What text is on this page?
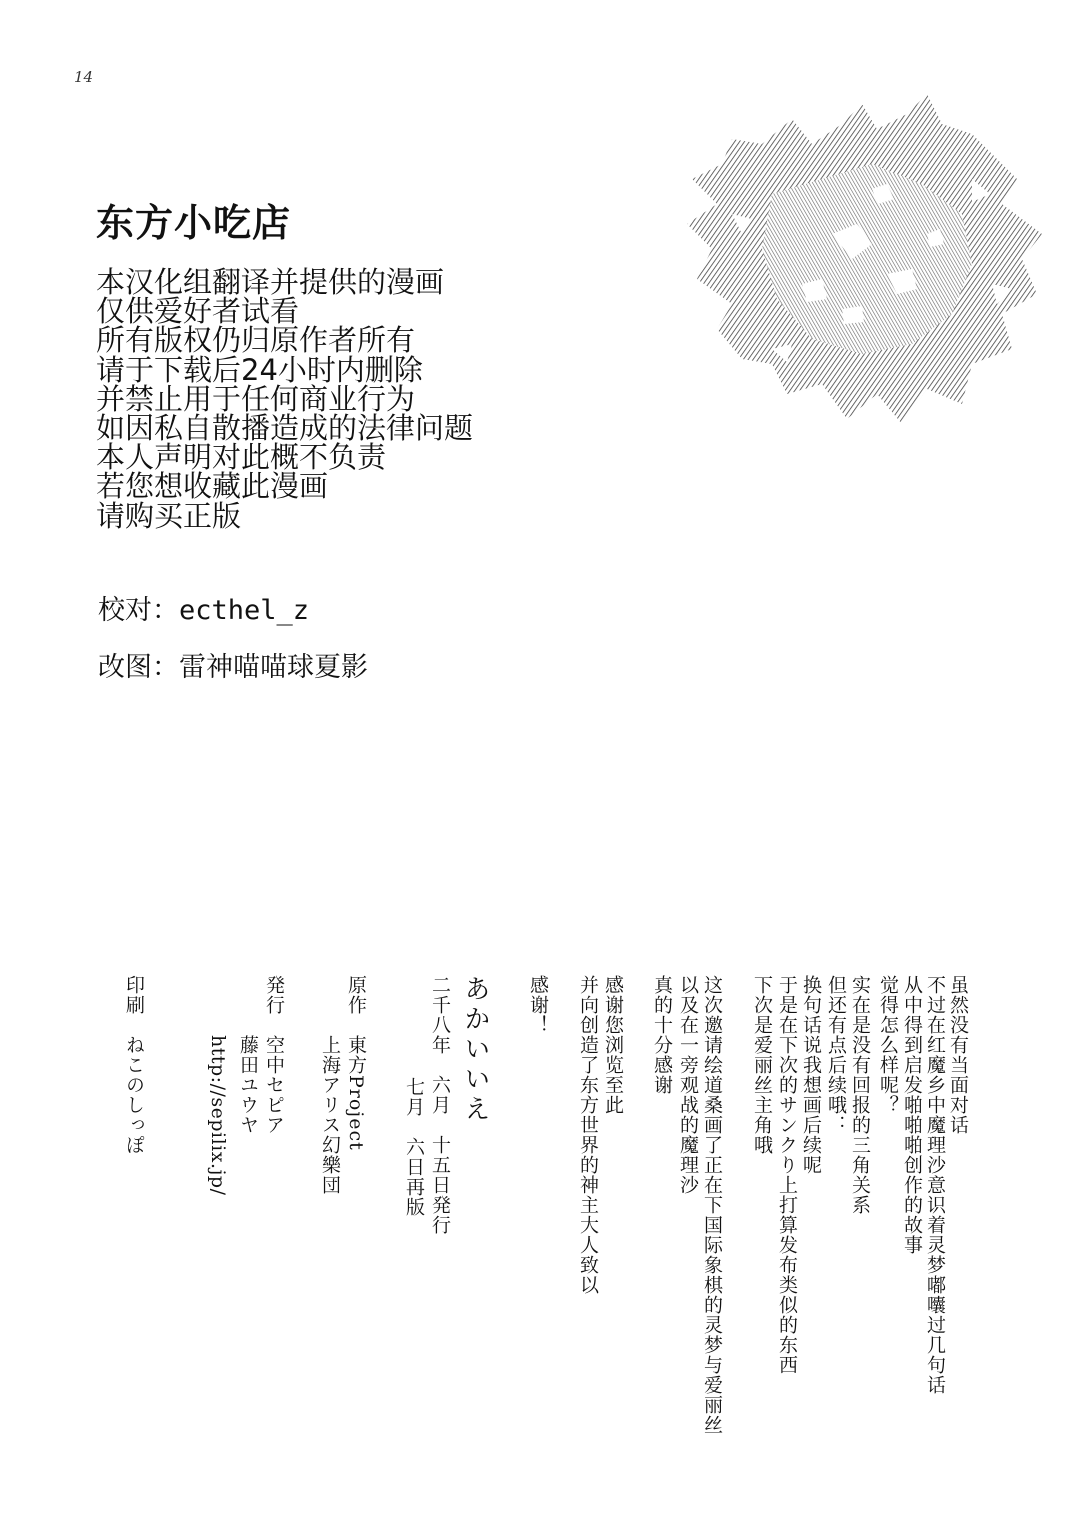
14
东方小吃店
本汉化组翻译并提供的漫画
仅供爱好者试看
所有版权仍归原作者所有
请于下载后24小时内删除
并禁止用于任何商业行为
如因私自散播造成的法律问题
本人声明对此概不负责
若您想收藏此漫画
请购买正版
校对：ecthel_z
改图：雷神喵喵球夏影
虽然没有当面对话
不过在红魔乡中魔理沙意识着灵梦嘟囔过几句话
从中得到启发啪啪啪创作的故事
觉得怎么样呢？
实在是没有回报的三角关系
但还有点后续哦：
换句话说我想画后续呢
于是在下次的サンクり上打算发布类似的东西
下次是爱丽丝主角哦
这次邀请绘道桑画了正在下国际象棋的灵梦与爱丽丝
以及在一旁观战的魔理沙
真的十分感谢
感谢您浏览至此
并向创造了东方世界的神主大人致以
感谢！
あかいいえ
二千八年　六月　十五日発行
七月　六日再版
原作
東方Project
上海アリス幻樂団
発行
空中セピア
藤田ユウヤ
http://sepilix.jp/
印刷
ねこのしっぽ
